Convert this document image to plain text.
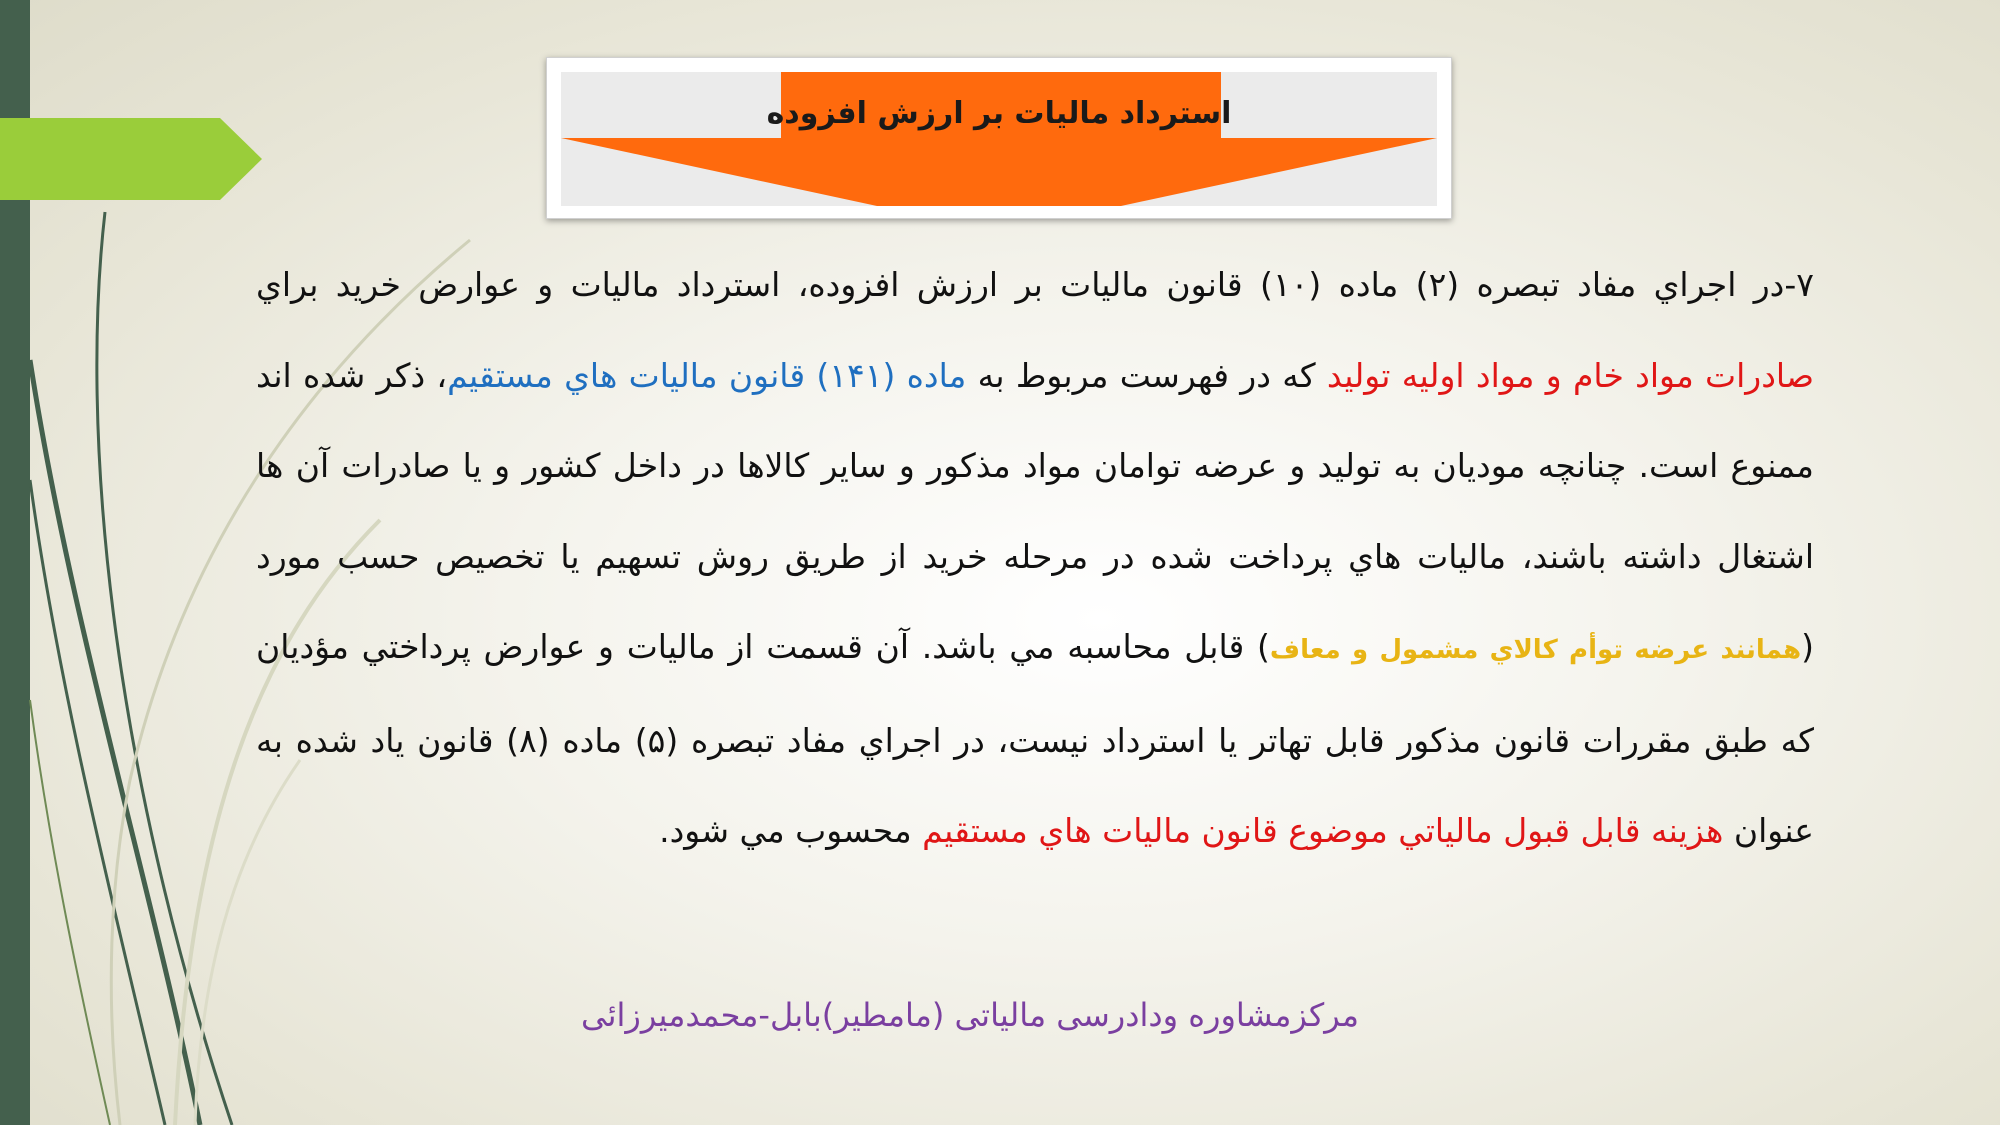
استرداد ماليات بر ارزش افزوده
۷-در اجراي مفاد تبصره (۲) ماده (۱۰) قانون ماليات بر ارزش افزوده، استرداد ماليات و عوارض خريد براي صادرات مواد خام و مواد اوليه توليد كه در فهرست مربوط به ماده (۱۴۱) قانون ماليات هاي مستقيم، ذكر شده اند ممنوع است. چنانچه موديان به توليد و عرضه توامان مواد مذكور و ساير كالاها در داخل كشور و يا صادرات آن ها اشتغال داشته باشند، ماليات هاي پرداخت شده در مرحله خريد از طريق روش تسهيم يا تخصيص حسب مورد (همانند عرضه توأم كالاي مشمول و معاف) قابل محاسبه مي باشد. آن قسمت از ماليات و عوارض پرداختي مؤديان كه طبق مقررات قانون مذكور قابل تهاتر يا استرداد نيست، در اجراي مفاد تبصره (۵) ماده (۸) قانون ياد شده به عنوان هزينه قابل قبول مالياتي موضوع قانون ماليات هاي مستقيم محسوب مي شود.
مرکزمشاوره ودادرسی مالیاتی (مامطیر)بابل-محمدمیرزائی
